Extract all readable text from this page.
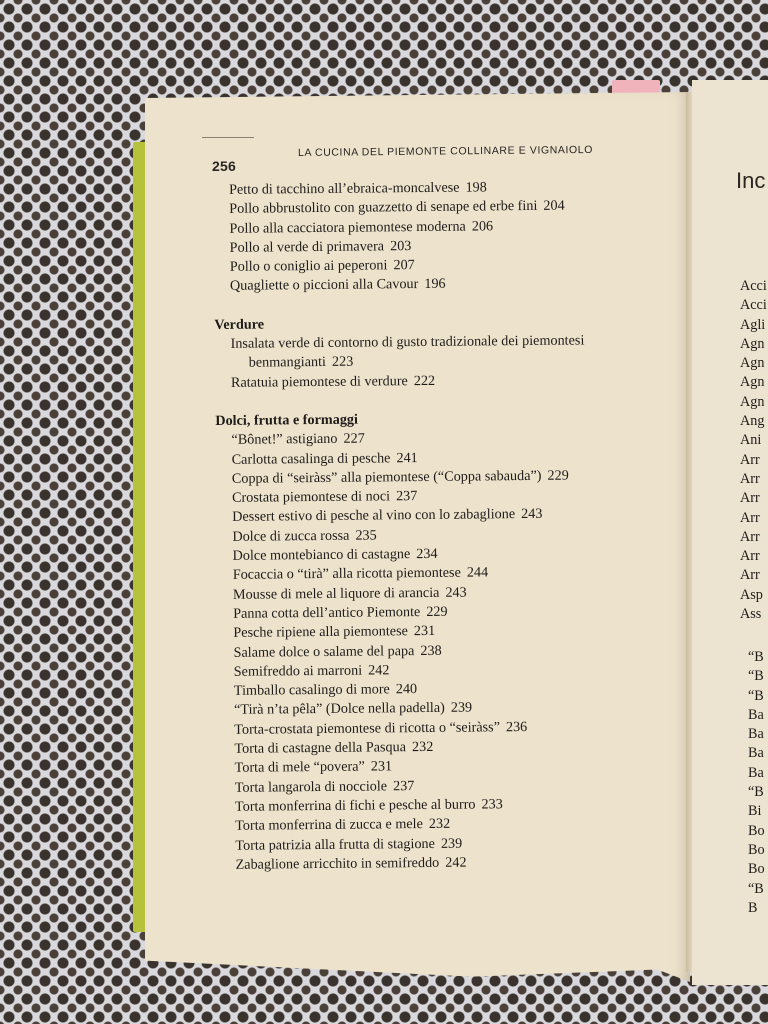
256
LA CUCINA DEL PIEMONTE COLLINARE E VIGNAIOLO
Petto di tacchino all’ebraica-moncalvese 198
Pollo abbrustolito con guazzetto di senape ed erbe fini 204
Pollo alla cacciatora piemontese moderna 206
Pollo al verde di primavera 203
Pollo o coniglio ai peperoni 207
Quagliette o piccioni alla Cavour 196
Verdure
Insalata verde di contorno di gusto tradizionale dei piemontesi
benmangianti 223
Ratatuia piemontese di verdure 222
Dolci, frutta e formaggi
“Bônet!” astigiano 227
Carlotta casalinga di pesche 241
Coppa di “seiràss” alla piemontese (“Coppa sabauda”) 229
Crostata piemontese di noci 237
Dessert estivo di pesche al vino con lo zabaglione 243
Dolce di zucca rossa 235
Dolce montebianco di castagne 234
Focaccia o “tirà” alla ricotta piemontese 244
Mousse di mele al liquore di arancia 243
Panna cotta dell’antico Piemonte 229
Pesche ripiene alla piemontese 231
Salame dolce o salame del papa 238
Semifreddo ai marroni 242
Timballo casalingo di more 240
“Tirà n’ta pêla” (Dolce nella padella) 239
Torta-crostata piemontese di ricotta o “seiràss” 236
Torta di castagne della Pasqua 232
Torta di mele “povera” 231
Torta langarola di nocciole 237
Torta monferrina di fichi e pesche al burro 233
Torta monferrina di zucca e mele 232
Torta patrizia alla frutta di stagione 239
Zabaglione arricchito in semifreddo 242
Inc
Acci
Acci
Agli
Agn
Agn
Agn
Agn
Ang
Ani
Arr
Arr
Arr
Arr
Arr
Arr
Arr
Asp
Ass
“B
“B
“B
Ba
Ba
Ba
Ba
“B
Bi
Bo
Bo
Bo
“B
B
